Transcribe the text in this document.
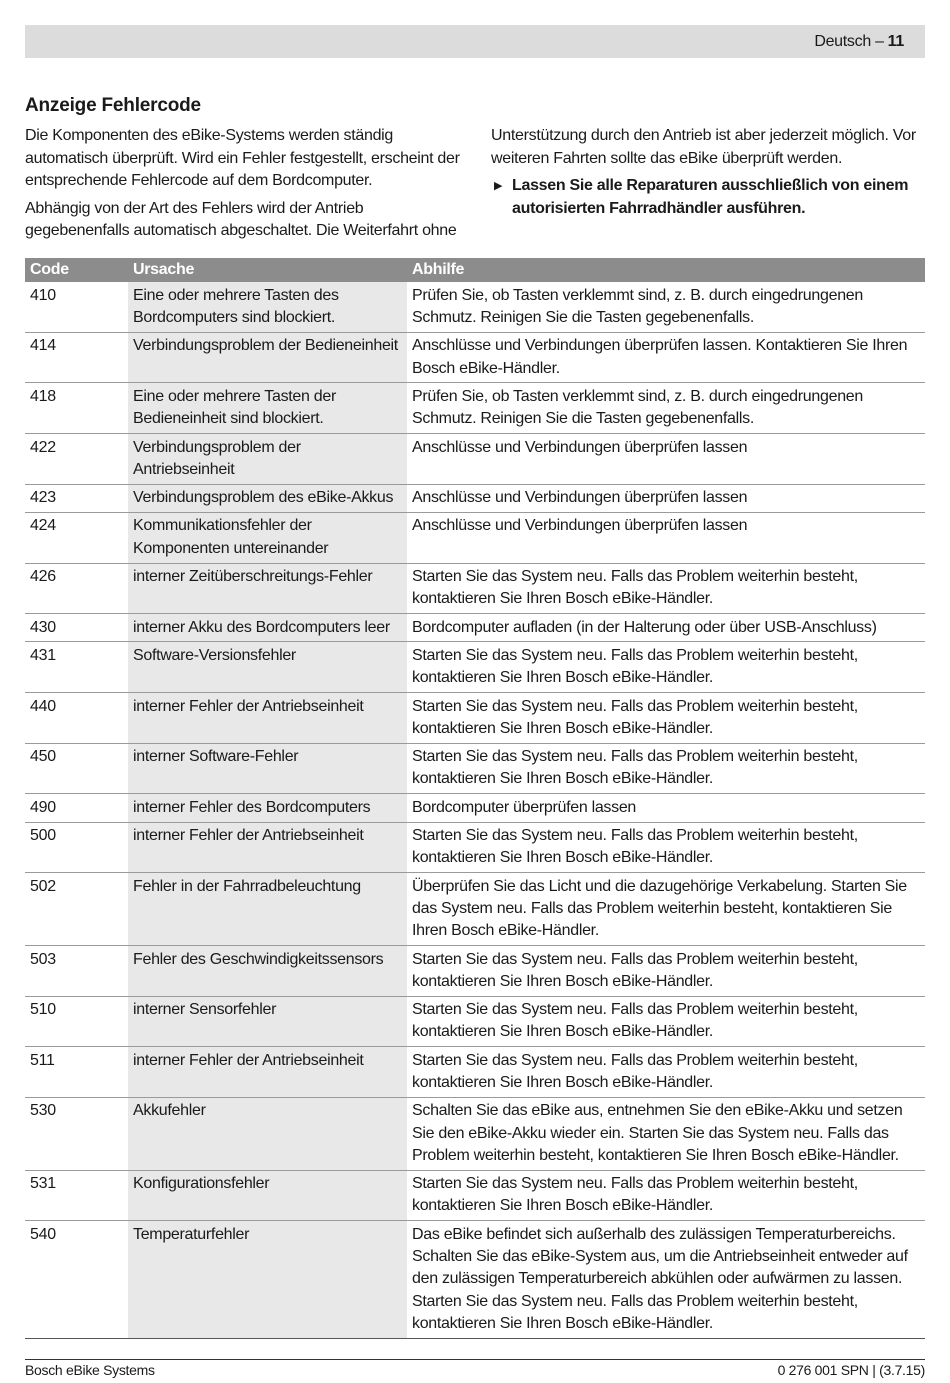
Deutsch – 11
Anzeige Fehlercode

Die Komponenten des eBike-Systems werden ständig automatisch überprüft. Wird ein Fehler festgestellt, erscheint der entsprechende Fehlercode auf dem Bordcomputer.

Abhängig von der Art des Fehlers wird der Antrieb gegebenenfalls automatisch abgeschaltet. Die Weiterfahrt ohne

Unterstützung durch den Antrieb ist aber jederzeit möglich. Vor weiteren Fahrten sollte das eBike überprüft werden.

▶ Lassen Sie alle Reparaturen ausschließlich von einem autorisierten Fahrradhändler ausführen.
Code	Ursache	Abhilfe
410	Eine oder mehrere Tasten des Bordcomputers sind blockiert.	Prüfen Sie, ob Tasten verklemmt sind, z. B. durch eingedrungenen Schmutz. Reinigen Sie die Tasten gegebenenfalls.
414	Verbindungsproblem der Bedieneinheit	Anschlüsse und Verbindungen überprüfen lassen. Kontaktieren Sie Ihren Bosch eBike-Händler.
418	Eine oder mehrere Tasten der Bedieneinheit sind blockiert.	Prüfen Sie, ob Tasten verklemmt sind, z. B. durch eingedrungenen Schmutz. Reinigen Sie die Tasten gegebenenfalls.
422	Verbindungsproblem der Antriebseinheit	Anschlüsse und Verbindungen überprüfen lassen
423	Verbindungsproblem des eBike-Akkus	Anschlüsse und Verbindungen überprüfen lassen
424	Kommunikationsfehler der Komponenten untereinander	Anschlüsse und Verbindungen überprüfen lassen
426	interner Zeitüberschreitungs-Fehler	Starten Sie das System neu. Falls das Problem weiterhin besteht, kontaktieren Sie Ihren Bosch eBike-Händler.
430	interner Akku des Bordcomputers leer	Bordcomputer aufladen (in der Halterung oder über USB-Anschluss)
431	Software-Versionsfehler	Starten Sie das System neu. Falls das Problem weiterhin besteht, kontaktieren Sie Ihren Bosch eBike-Händler.
440	interner Fehler der Antriebseinheit	Starten Sie das System neu. Falls das Problem weiterhin besteht, kontaktieren Sie Ihren Bosch eBike-Händler.
450	interner Software-Fehler	Starten Sie das System neu. Falls das Problem weiterhin besteht, kontaktieren Sie Ihren Bosch eBike-Händler.
490	interner Fehler des Bordcomputers	Bordcomputer überprüfen lassen
500	interner Fehler der Antriebseinheit	Starten Sie das System neu. Falls das Problem weiterhin besteht, kontaktieren Sie Ihren Bosch eBike-Händler.
502	Fehler in der Fahrradbeleuchtung	Überprüfen Sie das Licht und die dazugehörige Verkabelung. Starten Sie das System neu. Falls das Problem weiterhin besteht, kontaktieren Sie Ihren Bosch eBike-Händler.
503	Fehler des Geschwindigkeitssensors	Starten Sie das System neu. Falls das Problem weiterhin besteht, kontaktieren Sie Ihren Bosch eBike-Händler.
510	interner Sensorfehler	Starten Sie das System neu. Falls das Problem weiterhin besteht, kontaktieren Sie Ihren Bosch eBike-Händler.
511	interner Fehler der Antriebseinheit	Starten Sie das System neu. Falls das Problem weiterhin besteht, kontaktieren Sie Ihren Bosch eBike-Händler.
530	Akkufehler	Schalten Sie das eBike aus, entnehmen Sie den eBike-Akku und setzen Sie den eBike-Akku wieder ein. Starten Sie das System neu. Falls das Problem weiterhin besteht, kontaktieren Sie Ihren Bosch eBike-Händler.
531	Konfigurationsfehler	Starten Sie das System neu. Falls das Problem weiterhin besteht, kontaktieren Sie Ihren Bosch eBike-Händler.
540	Temperaturfehler	Das eBike befindet sich außerhalb des zulässigen Temperaturbereichs. Schalten Sie das eBike-System aus, um die Antriebseinheit entweder auf den zulässigen Temperaturbereich abkühlen oder aufwärmen zu lassen. Starten Sie das System neu. Falls das Problem weiterhin besteht, kontaktieren Sie Ihren Bosch eBike-Händler.
Bosch eBike Systems	0 276 001 SPN | (3.7.15)
